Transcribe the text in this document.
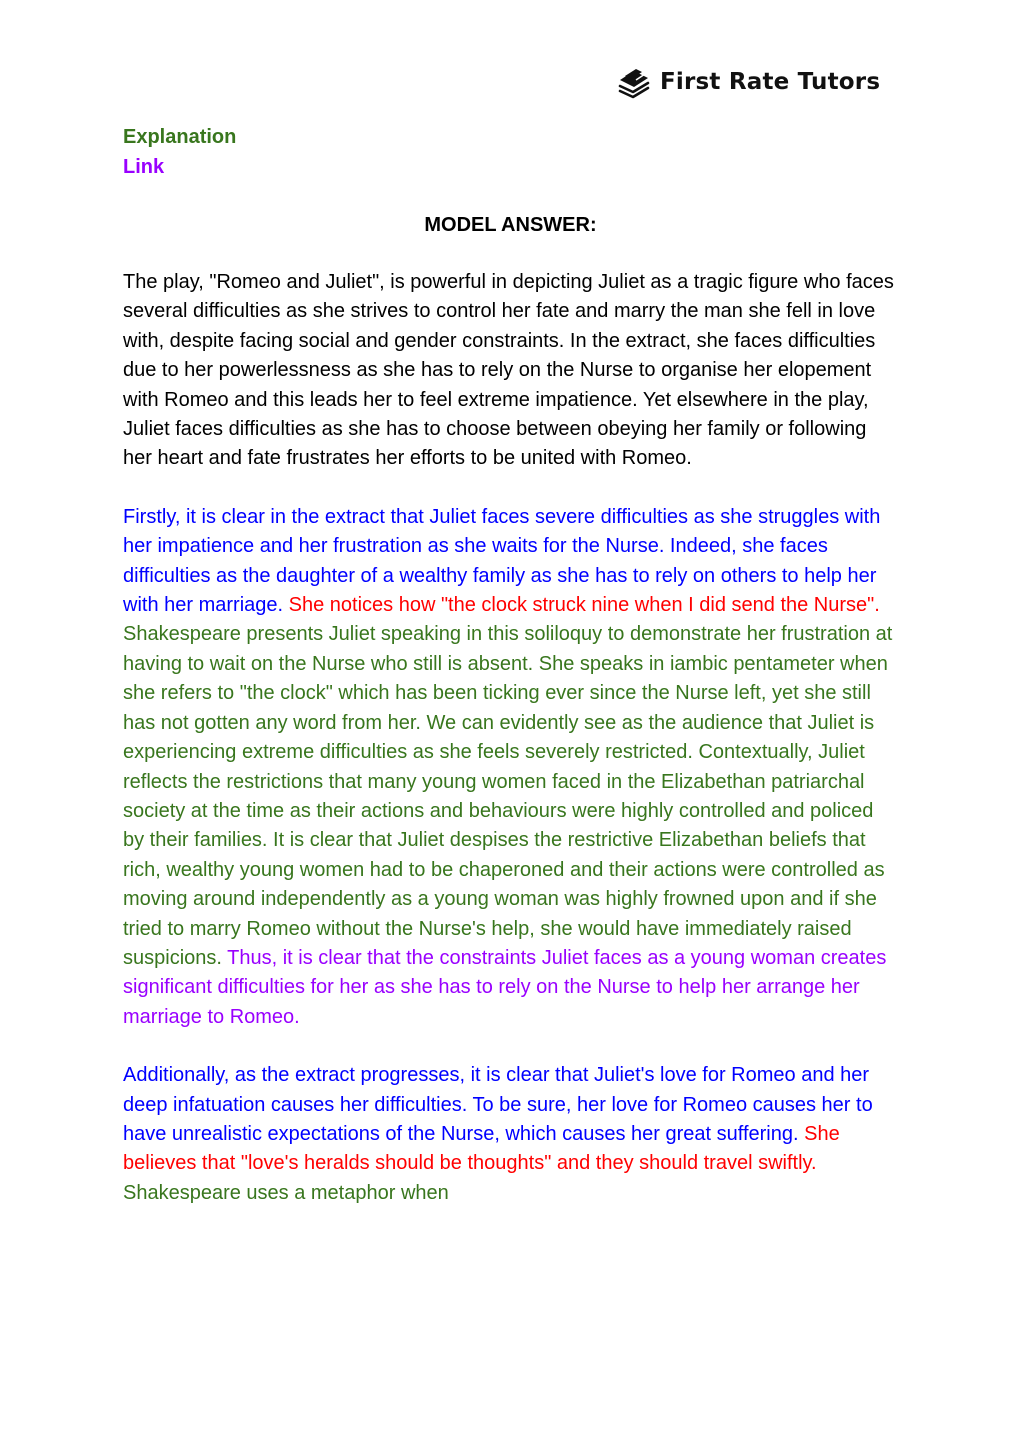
First Rate Tutors

Explanation

Link

MODEL ANSWER:

The play, "Romeo and Juliet", is powerful in depicting Juliet as a tragic figure who faces several difficulties as she strives to control her fate and marry the man she fell in love with, despite facing social and gender constraints. In the extract, she faces difficulties due to her powerlessness as she has to rely on the Nurse to organise her elopement with Romeo and this leads her to feel extreme impatience. Yet elsewhere in the play, Juliet faces difficulties as she has to choose between obeying her family or following her heart and fate frustrates her efforts to be united with Romeo.

Firstly, it is clear in the extract that Juliet faces severe difficulties as she struggles with her impatience and her frustration as she waits for the Nurse. Indeed, she faces difficulties as the daughter of a wealthy family as she has to rely on others to help her with her marriage. She notices how "the clock struck nine when I did send the Nurse". Shakespeare presents Juliet speaking in this soliloquy to demonstrate her frustration at having to wait on the Nurse who still is absent. She speaks in iambic pentameter when she refers to "the clock" which has been ticking ever since the Nurse left, yet she still has not gotten any word from her. We can evidently see as the audience that Juliet is experiencing extreme difficulties as she feels severely restricted. Contextually, Juliet reflects the restrictions that many young women faced in the Elizabethan patriarchal society at the time as their actions and behaviours were highly controlled and policed by their families. It is clear that Juliet despises the restrictive Elizabethan beliefs that rich, wealthy young women had to be chaperoned and their actions were controlled as moving around independently as a young woman was highly frowned upon and if she tried to marry Romeo without the Nurse's help, she would have immediately raised suspicions. Thus, it is clear that the constraints Juliet faces as a young woman creates significant difficulties for her as she has to rely on the Nurse to help her arrange her marriage to Romeo.

Additionally, as the extract progresses, it is clear that Juliet's love for Romeo and her deep infatuation causes her difficulties. To be sure, her love for Romeo causes her to have unrealistic expectations of the Nurse, which causes her great suffering. She believes that "love's heralds should be thoughts" and they should travel swiftly. Shakespeare uses a metaphor when
